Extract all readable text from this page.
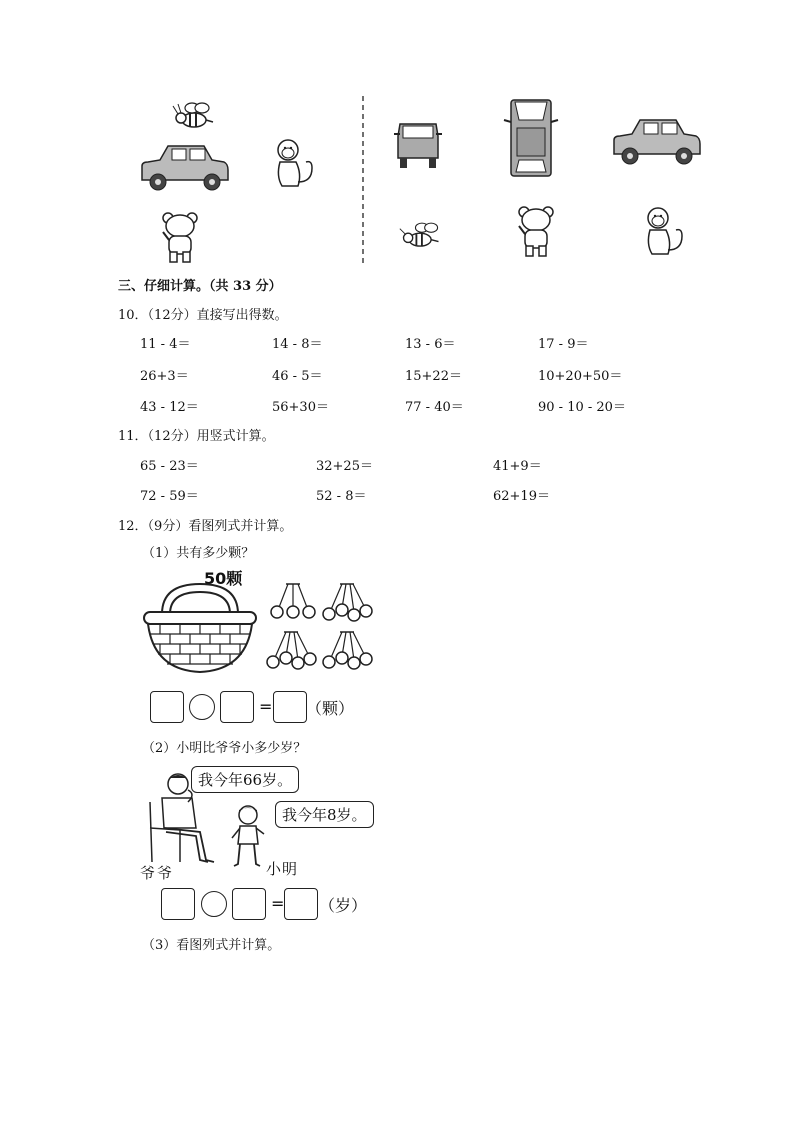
三、仔细计算。（共 33 分）
10．（12分）直接写出得数。
11 - 4＝	14 - 8＝	13 - 6＝	17 - 9＝
26+3＝	46 - 5＝	15+22＝	10+20+50＝
43 - 12＝	56+30＝	77 - 40＝	90 - 10 - 20＝
11．（12分）用竖式计算。
65 - 23＝	32+25＝	41+9＝
72 - 59＝	52 - 8＝	62+19＝
12．（9分）看图列式并计算。
（1）共有多少颗？
50颗
= （颗）
（2）小明比爷爷小多少岁？
我今年66岁。
我今年8岁。
爷爷	小明
= （岁）
（3）看图列式并计算。
